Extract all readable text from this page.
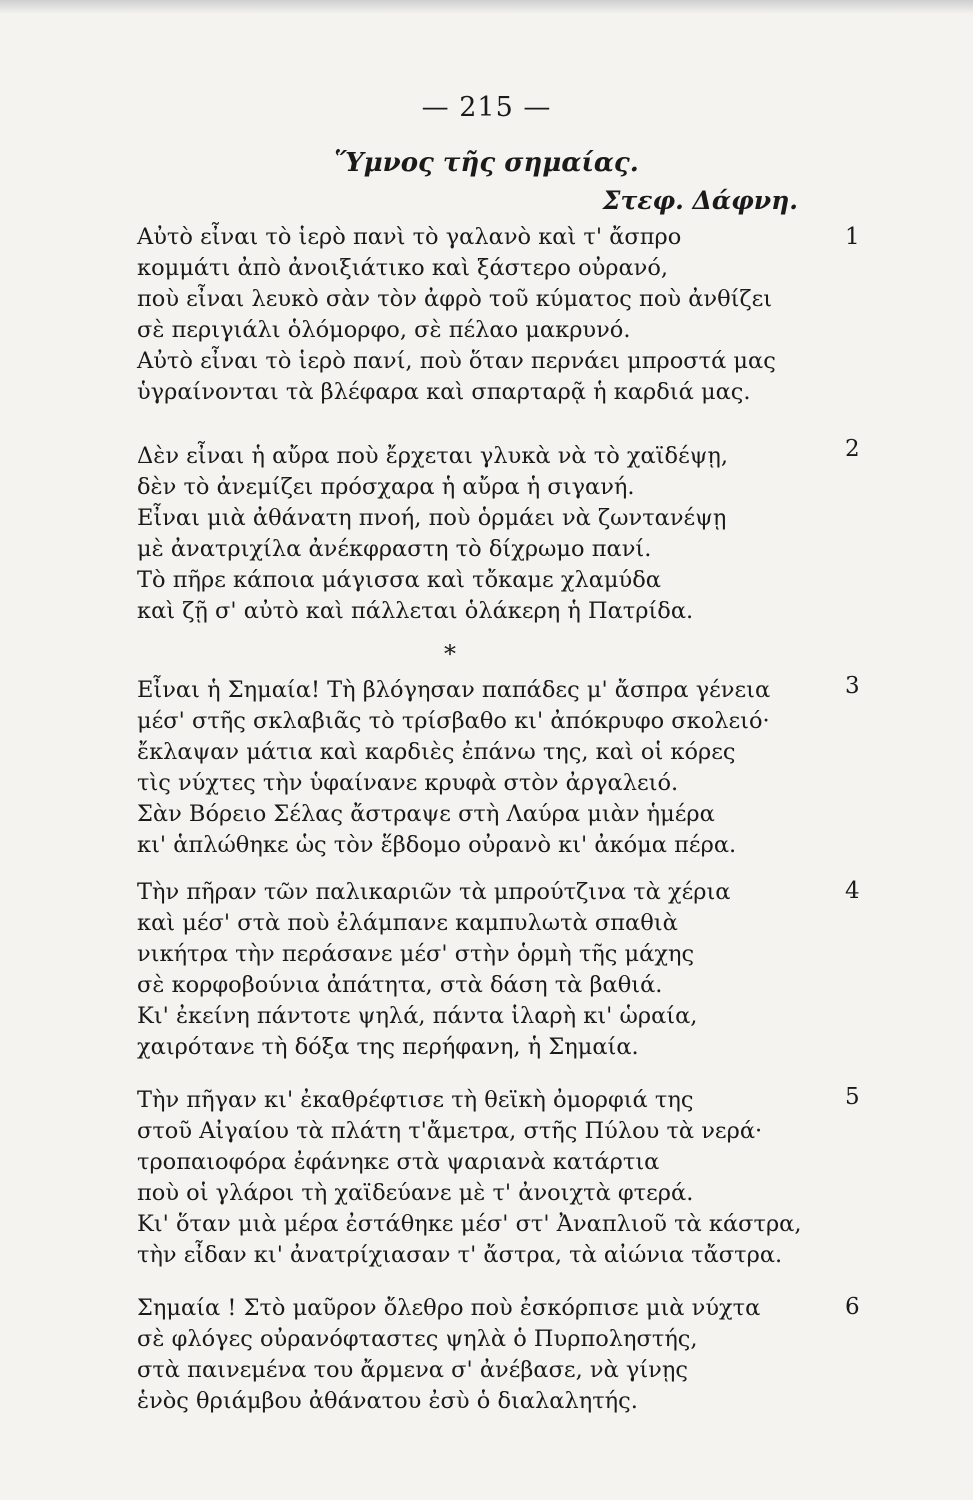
— 215 —
Ὕμνος τῆς σημαίας.
Στεφ. Δάφνη.
1
Αὐτὸ εἶναι τὸ ἱερὸ πανὶ τὸ γαλανὸ καὶ τ' ἄσπρο
κομμάτι ἀπὸ ἀνοιξιάτικο καὶ ξάστερο οὐρανό,
ποὺ εἶναι λευκὸ σὰν τὸν ἀφρὸ τοῦ κύματος ποὺ ἀνθίζει
σὲ περιγιάλι ὁλόμορφο, σὲ πέλαο μακρυνό.
Αὐτὸ εἶναι τὸ ἱερὸ πανί, ποὺ ὅταν περνάει μπροστά μας
ὑγραίνονται τὰ βλέφαρα καὶ σπαρταρᾷ ἡ καρδιά μας.
2
Δὲν εἶναι ἡ αὔρα ποὺ ἔρχεται γλυκὰ νὰ τὸ χαϊδέψῃ,
δὲν τὸ ἀνεμίζει πρόσχαρα ἡ αὔρα ἡ σιγανή.
Εἶναι μιὰ ἀθάνατη πνοή, ποὺ ὁρμάει νὰ ζωντανέψῃ
μὲ ἀνατριχίλα ἀνέκφραστη τὸ δίχρωμο πανί.
Τὸ πῆρε κάποια μάγισσα καὶ τὄκαμε χλαμύδα
καὶ ζῇ σ' αὐτὸ καὶ πάλλεται ὁλάκερη ἡ Πατρίδα.
*
3
Εἶναι ἡ Σημαία! Τὴ βλόγησαν παπάδες μ' ἄσπρα γένεια
μέσ' στῆς σκλαβιᾶς τὸ τρίσβαθο κι' ἀπόκρυφο σκολειό·
ἔκλαψαν μάτια καὶ καρδιὲς ἐπάνω της, καὶ οἱ κόρες
τὶς νύχτες τὴν ὑφαίνανε κρυφὰ στὸν ἀργαλειό.
Σὰν Βόρειο Σέλας ἄστραψε στὴ Λαύρα μιὰν ἡμέρα
κι' ἁπλώθηκε ὡς τὸν ἕβδομο οὐρανὸ κι' ἀκόμα πέρα.
4
Τὴν πῆραν τῶν παλικαριῶν τὰ μπρούτζινα τὰ χέρια
καὶ μέσ' στὰ ποὺ ἐλάμπανε καμπυλωτὰ σπαθιὰ
νικήτρα τὴν περάσανε μέσ' στὴν ὁρμὴ τῆς μάχης
σὲ κορφοβούνια ἀπάτητα, στὰ δάση τὰ βαθιά.
Κι' ἐκείνη πάντοτε ψηλά, πάντα ἱλαρὴ κι' ὡραία,
χαιρότανε τὴ δόξα της περήφανη, ἡ Σημαία.
5
Τὴν πῆγαν κι' ἐκαθρέφτισε τὴ θεϊκὴ ὀμορφιά της
στοῦ Αἰγαίου τὰ πλάτη τ'ἄμετρα, στῆς Πύλου τὰ νερά·
τροπαιοφόρα ἐφάνηκε στὰ ψαριανὰ κατάρτια
ποὺ οἱ γλάροι τὴ χαϊδεύανε μὲ τ' ἀνοιχτὰ φτερά.
Κι' ὅταν μιὰ μέρα ἐστάθηκε μέσ' στ' Ἀναπλιοῦ τὰ κάστρα,
τὴν εἶδαν κι' ἀνατρίχιασαν τ' ἄστρα, τὰ αἰώνια τἄστρα.
6
Σημαία ! Στὸ μαῦρον ὄλεθρο ποὺ ἐσκόρπισε μιὰ νύχτα
σὲ φλόγες οὐρανόφταστες ψηλὰ ὁ Πυρποληστής,
στὰ παινεμένα του ἄρμενα σ' ἀνέβασε, νὰ γίνῃς
ἑνὸς θριάμβου ἀθάνατου ἐσὺ ὁ διαλαλητής.
